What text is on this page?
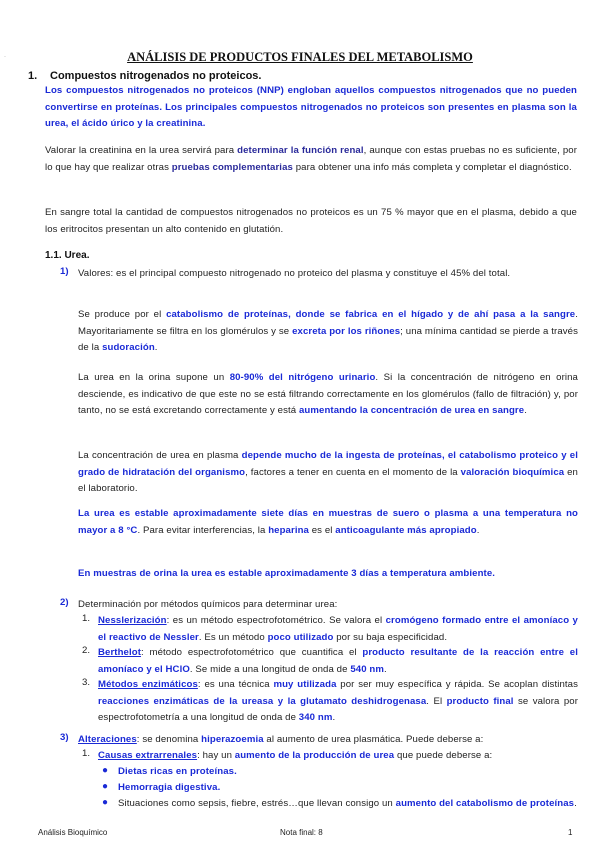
·	ANÁLISIS DE PRODUCTOS FINALES DEL METABOLISMO
1. Compuestos nitrogenados no proteicos.
Los compuestos nitrogenados no proteicos (NNP) engloban aquellos compuestos nitrogenados que no pueden convertirse en proteínas. Los principales compuestos nitrogenados no proteicos son presentes en plasma son la urea, el ácido úrico y la creatinina.
Valorar la creatinina en la urea servirá para determinar la función renal, aunque con estas pruebas no es suficiente, por lo que hay que realizar otras pruebas complementarias para obtener una info más completa y completar el diagnóstico.
En sangre total la cantidad de compuestos nitrogenados no proteicos es un 75 % mayor que en el plasma, debido a que los eritrocitos presentan un alto contenido en glutatión.
1.1. Urea.
1) Valores: es el principal compuesto nitrogenado no proteico del plasma y constituye el 45% del total.
Se produce por el catabolismo de proteínas, donde se fabrica en el hígado y de ahí pasa a la sangre. Mayoritariamente se filtra en los glomérulos y se excreta por los riñones; una mínima cantidad se pierde a través de la sudoración.
La urea en la orina supone un 80-90% del nitrógeno urinario. Si la concentración de nitrógeno en orina desciende, es indicativo de que este no se está filtrando correctamente en los glomérulos (fallo de filtración) y, por tanto, no se está excretando correctamente y está aumentando la concentración de urea en sangre.
La concentración de urea en plasma depende mucho de la ingesta de proteínas, el catabolismo proteico y el grado de hidratación del organismo, factores a tener en cuenta en el momento de la valoración bioquímica en el laboratorio.
La urea es estable aproximadamente siete días en muestras de suero o plasma a una temperatura no mayor a 8 °C. Para evitar interferencias, la heparina es el anticoagulante más apropiado.
En muestras de orina la urea es estable aproximadamente 3 días a temperatura ambiente.
2) Determinación por métodos químicos para determinar urea:
1. Nesslerización: es un método espectrofotométrico. Se valora el cromógeno formado entre el amoníaco y el reactivo de Nessler. Es un método poco utilizado por su baja especificidad.
2. Berthelot: método espectrofotométrico que cuantifica el producto resultante de la reacción entre el amoníaco y el HClO. Se mide a una longitud de onda de 540 nm.
3. Métodos enzimáticos: es una técnica muy utilizada por ser muy específica y rápida. Se acoplan distintas reacciones enzimáticas de la ureasa y la glutamato deshidrogenasa. El producto final se valora por espectrofotometría a una longitud de onda de 340 nm.
3) Alteraciones: se denomina hiperazoemia al aumento de urea plasmática. Puede deberse a:
1. Causas extrarrenales: hay un aumento de la producción de urea que puede deberse a:
● Dietas ricas en proteínas.
● Hemorragia digestiva.
● Situaciones como sepsis, fiebre, estrés…que llevan consigo un aumento del catabolismo de proteínas.
Análisis Bioquímico	Nota final: 8	1
